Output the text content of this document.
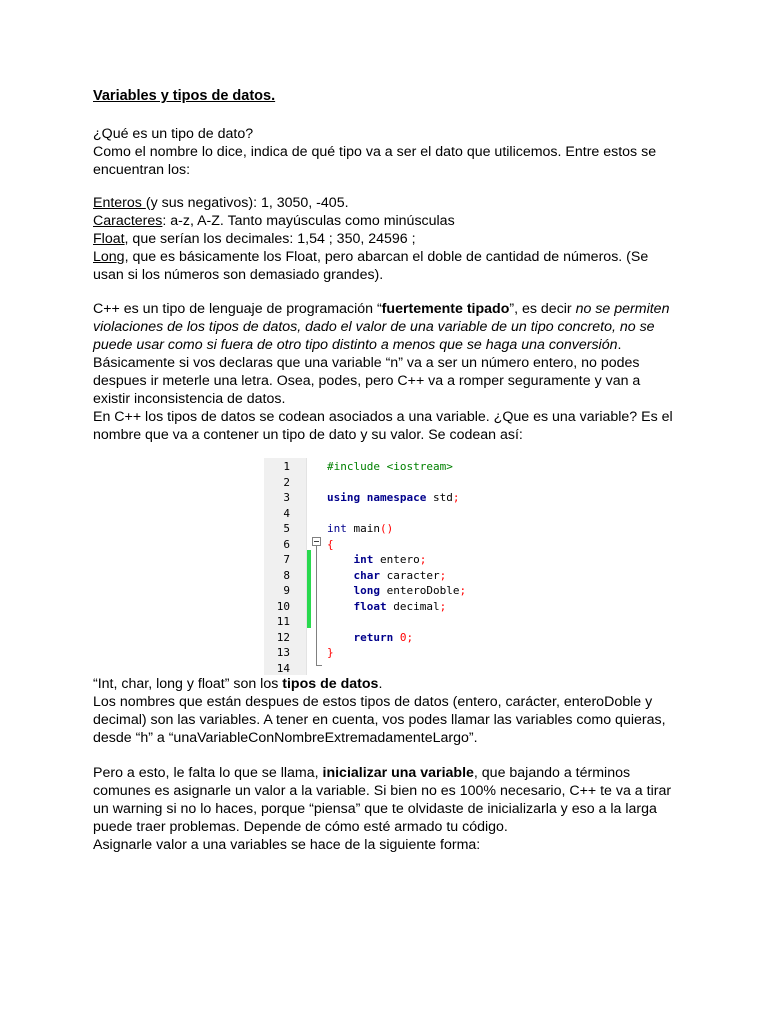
Variables y tipos de datos.
¿Qué es un tipo de dato?
Como el nombre lo dice, indica de qué tipo va a ser el dato que utilicemos. Entre estos se
encuentran los:
Enteros (y sus negativos): 1, 3050, -405.
Caracteres: a-z, A-Z. Tanto mayúsculas como minúsculas
Float, que serían los decimales: 1,54 ; 350, 24596 ;
Long, que es básicamente los Float, pero abarcan el doble de cantidad de números. (Se
usan si los números son demasiado grandes).
C++ es un tipo de lenguaje de programación “fuertemente tipado”, es decir no se permiten
violaciones de los tipos de datos, dado el valor de una variable de un tipo concreto, no se
puede usar como si fuera de otro tipo distinto a menos que se haga una conversión.
Básicamente si vos declaras que una variable “n” va a ser un número entero, no podes
despues ir meterle una letra. Osea, podes, pero C++ va a romper seguramente y van a
existir inconsistencia de datos.
En C++ los tipos de datos se codean asociados a una variable. ¿Que es una variable? Es el
nombre que va a contener un tipo de dato y su valor. Se codean así:
“Int, char, long y float” son los tipos de datos.
Los nombres que están despues de estos tipos de datos (entero, carácter, enteroDoble y
decimal) son las variables. A tener en cuenta, vos podes llamar las variables como quieras,
desde “h” a “unaVariableConNombreExtremadamenteLargo”.
Pero a esto, le falta lo que se llama, inicializar una variable, que bajando a términos
comunes es asignarle un valor a la variable. Si bien no es 100% necesario, C++ te va a tirar
un warning si no lo haces, porque “piensa” que te olvidaste de inicializarla y eso a la larga
puede traer problemas. Depende de cómo esté armado tu código.
Asignarle valor a una variables se hace de la siguiente forma:
1
2
3
4
5
6
7
8
9
10
11
12
13
14
#include <iostream>
using namespace std;
int main()
{
int entero;
char caracter;
long enteroDoble;
float decimal;
return 0;
}
